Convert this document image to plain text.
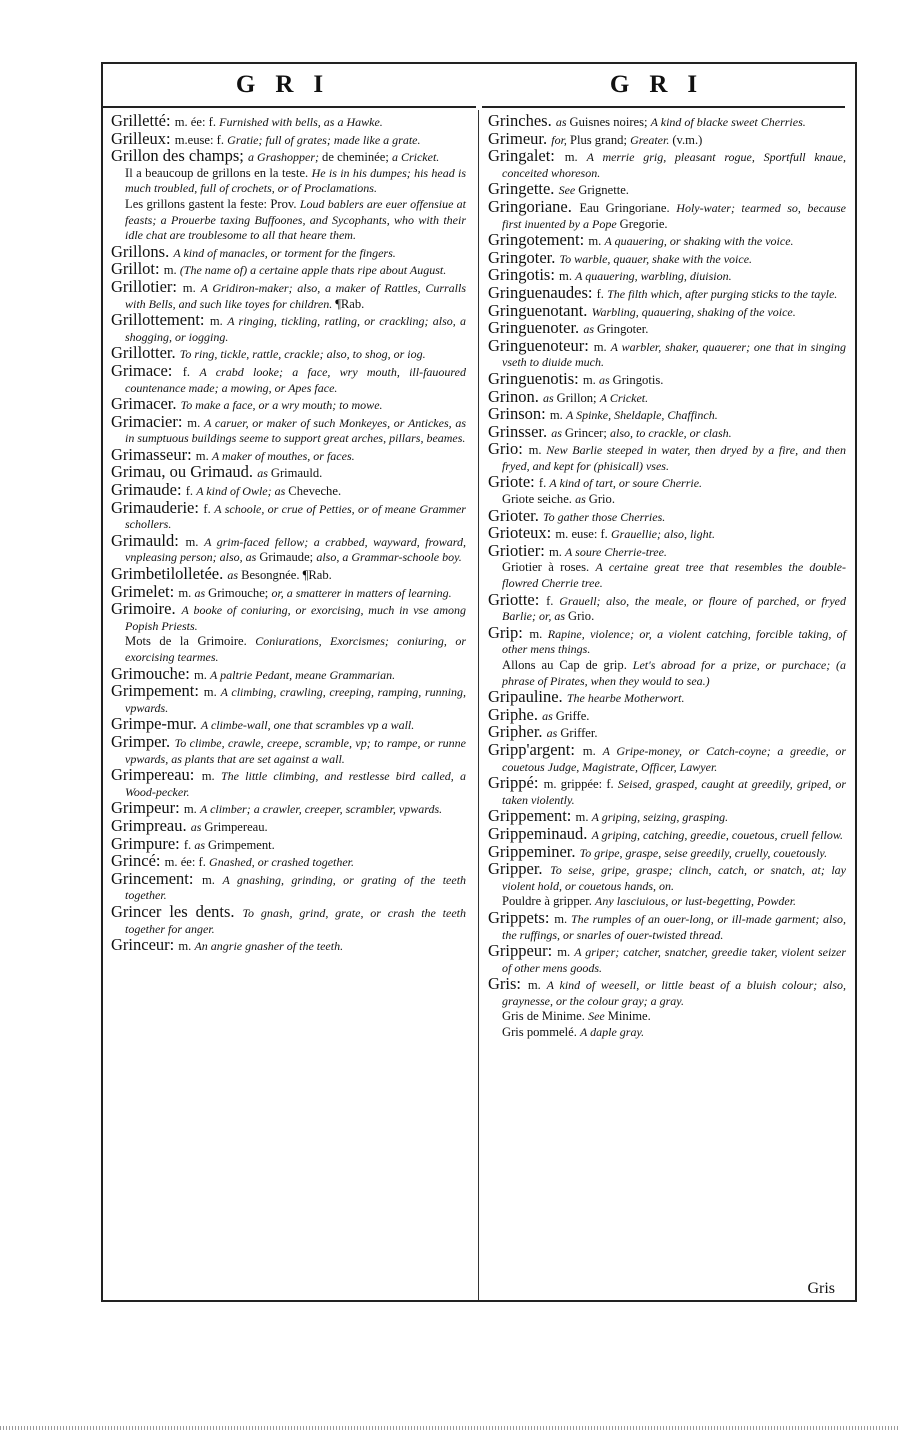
GRI	GRI

Grilletté: m. ée: f. Furnished with bells, as a Hawke.

Grilleux: m.euse: f. Gratie; full of grates; made like a grate.

Grillon des champs; a Grashopper; de cheminée; a Cricket.

Il a beaucoup de grillons en la teste. He is in his dumpes; his head is much troubled, full of crochets, or of Proclamations.

Les grillons gastent la feste: Prov. Loud bablers are euer offensiue at feasts; a Prouerbe taxing Buffoones, and Sycophants, who with their idle chat are troublesome to all that heare them.

Grillons. A kind of manacles, or torment for the fingers.

Grillot: m. (The name of) a certaine apple thats ripe about August.

Grillotier: m. A Gridiron-maker; also, a maker of Rattles, Curralls with Bells, and such like toyes for children. ¶Rab.

Grillottement: m. A ringing, tickling, ratling, or crackling; also, a shogging, or iogging.

Grillotter. To ring, tickle, rattle, crackle; also, to shog, or iog.

Grimace: f. A crabd looke; a face, wry mouth, ill-fauoured countenance made; a mowing, or Apes face.

Grimacer. To make a face, or a wry mouth; to mowe.

Grimacier: m. A caruer, or maker of such Monkeyes, or Antickes, as in sumptuous buildings seeme to support great arches, pillars, beames.

Grimasseur: m. A maker of mouthes, or faces.

Grimau, ou Grimaud. as Grimauld.

Grimaude: f. A kind of Owle; as Cheveche.

Grimauderie: f. A schoole, or crue of Petties, or of meane Grammer schollers.

Grimauld: m. A grim-faced fellow; a crabbed, wayward, froward, vnpleasing person; also, as Grimaude; also, a Grammar-schoole boy.

Grimbetilolletée. as Besongnée. ¶Rab.

Grimelet: m. as Grimouche; or, a smatterer in matters of learning.

Grimoire. A booke of coniuring, or exorcising, much in vse among Popish Priests.

Mots de la Grimoire. Coniurations, Exorcismes; coniuring, or exorcising tearmes.

Grimouche: m. A paltrie Pedant, meane Grammarian.

Grimpement: m. A climbing, crawling, creeping, ramping, running, vpwards.

Grimpe-mur. A climbe-wall, one that scrambles vp a wall.

Grimper. To climbe, crawle, creepe, scramble, vp; to rampe, or runne vpwards, as plants that are set against a wall.

Grimpereau: m. The little climbing, and restlesse bird called, a Wood-pecker.

Grimpeur: m. A climber; a crawler, creeper, scrambler, vpwards.

Grimpreau. as Grimpereau.

Grimpure: f. as Grimpement.

Grincé: m. ée: f. Gnashed, or crashed together.

Grincement: m. A gnashing, grinding, or grating of the teeth together.

Grincer les dents. To gnash, grind, grate, or crash the teeth together for anger.

Grinceur: m. An angrie gnasher of the teeth.

Grinches. as Guisnes noires; A kind of blacke sweet Cherries.

Grimeur. for, Plus grand; Greater. (v.m.)

Gringalet: m. A merrie grig, pleasant rogue, Sportfull knaue, conceited whoreson.

Gringette. See Grignette.

Gringoriane. Eau Gringoriane. Holy-water; tearmed so, because first inuented by a Pope Gregorie.

Gringotement: m. A quauering, or shaking with the voice.

Gringoter. To warble, quauer, shake with the voice.

Gringotis: m. A quauering, warbling, diuision.

Gringuenaudes: f. The filth which, after purging sticks to the tayle.

Gringuenotant. Warbling, quauering, shaking of the voice.

Gringuenoter. as Gringoter.

Gringuenoteur: m. A warbler, shaker, quauerer; one that in singing vseth to diuide much.

Gringuenotis: m. as Gringotis.

Grinon. as Grillon; A Cricket.

Grinson: m. A Spinke, Sheldaple, Chaffinch.

Grinsser. as Grincer; also, to crackle, or clash.

Grio: m. New Barlie steeped in water, then dryed by a fire, and then fryed, and kept for (phisicall) vses.

Griote: f. A kind of tart, or soure Cherrie.

Griote seiche. as Grio.

Grioter. To gather those Cherries.

Grioteux: m. euse: f. Grauellie; also, light.

Griotier: m. A soure Cherrie-tree.

Griotier à roses. A certaine great tree that resembles the double-flowred Cherrie tree.

Griotte: f. Grauell; also, the meale, or floure of parched, or fryed Barlie; or, as Grio.

Grip: m. Rapine, violence; or, a violent catching, forcible taking, of other mens things.

Allons au Cap de grip. Let's abroad for a prize, or purchace; (a phrase of Pirates, when they would to sea.)

Gripauline. The hearbe Motherwort.

Griphe. as Griffe.

Gripher. as Griffer.

Gripp'argent: m. A Gripe-money, or Catch-coyne; a greedie, or couetous Judge, Magistrate, Officer, Lawyer.

Grippé: m. grippée: f. Seised, grasped, caught at greedily, griped, or taken violently.

Grippement: m. A griping, seizing, grasping.

Grippeminaud. A griping, catching, greedie, couetous, cruell fellow.

Grippeminer. To gripe, graspe, seise greedily, cruelly, couetously.

Gripper. To seise, gripe, graspe; clinch, catch, or snatch, at; lay violent hold, or couetous hands, on.

Pouldre à gripper. Any lasciuious, or lust-begetting, Powder.

Grippets: m. The rumples of an ouer-long, or ill-made garment; also, the ruffings, or snarles of ouer-twisted thread.

Grippeur: m. A griper; catcher, snatcher, greedie taker, violent seizer of other mens goods.

Gris: m. A kind of weesell, or little beast of a bluish colour; also, graynesse, or the colour gray; a gray.

Gris de Minime. See Minime.

Gris pommelé. A daple gray.

Gris
